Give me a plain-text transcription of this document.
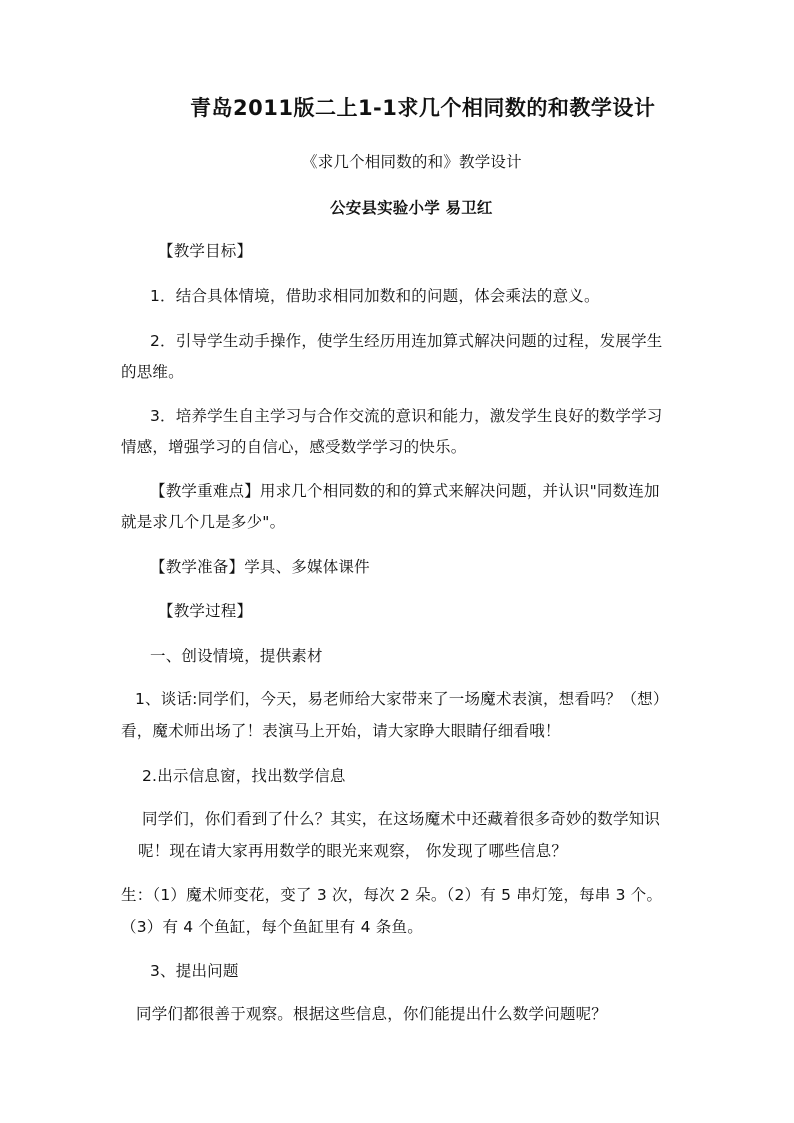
青岛2011版二上1-1求几个相同数的和教学设计
《求几个相同数的和》教学设计
公安县实验小学 易卫红
【教学目标】
1．结合具体情境，借助求相同加数和的问题，体会乘法的意义。
2．引导学生动手操作，使学生经历用连加算式解决问题的过程，发展学生
的思维。
3．培养学生自主学习与合作交流的意识和能力，激发学生良好的数学学习
情感，增强学习的自信心，感受数学学习的快乐。
【教学重难点】用求几个相同数的和的算式来解决问题，并认识"同数连加
就是求几个几是多少"。
【教学准备】学具、多媒体课件
【教学过程】
一、创设情境，提供素材
1、谈话:同学们，今天，易老师给大家带来了一场魔术表演，想看吗？（想）
看，魔术师出场了！表演马上开始，请大家睁大眼睛仔细看哦！
2.出示信息窗，找出数学信息
同学们，你们看到了什么？其实，在这场魔术中还藏着很多奇妙的数学知识
呢！现在请大家再用数学的眼光来观察， 你发现了哪些信息？
生：（1）魔术师变花，变了 3 次，每次 2 朵。（2）有 5 串灯笼，每串 3 个。
（3）有 4 个鱼缸，每个鱼缸里有 4 条鱼。
3、提出问题
同学们都很善于观察。根据这些信息，你们能提出什么数学问题呢？
